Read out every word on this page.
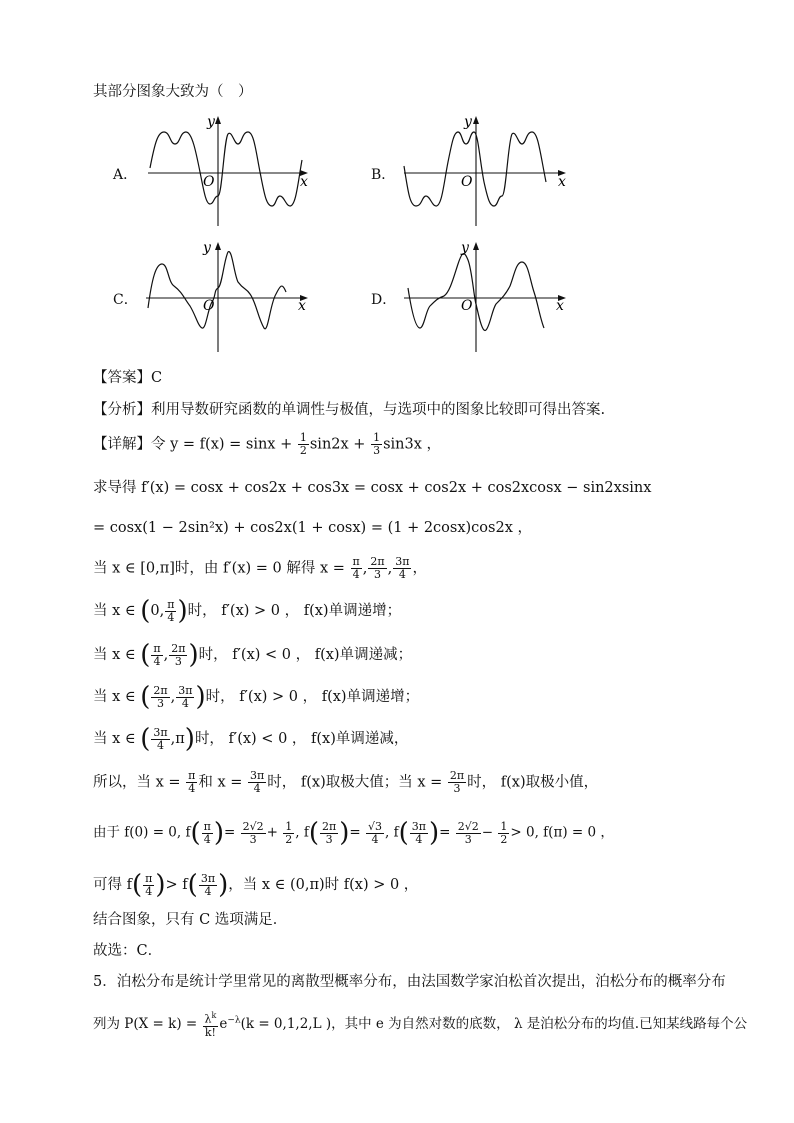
其部分图象大致为（　）
A．
y
x
O	B．
y
x
O
C．
y
x
O	D．
y
x
O
【答案】C
【分析】利用导数研究函数的单调性与极值，与选项中的图象比较即可得出答案.
【详解】令 $y = f(x) = \sin x + \frac{1}{2} \sin 2x + \frac{1}{3} \sin 3x$ ，
求导得 f′(x) = cosx + cos2x + cos3x = cosx + cos2x + cos2xcosx − sin2xsinx
= cosx(1 − 2sin²x) + cos2x(1 + cosx) = (1 + 2cosx)cos2x ，
当 x ∈ [0,π]时，由 f′(x) = 0 解得 $x = \frac{\pi}{4}$ , $\frac{2\pi}{3}$ , $\frac{3\pi}{4}$ ，
当 x ∈ (0, $\frac{\pi}{4}$ )时， f′(x) > 0 ， f(x)单调递增；
当 x ∈ ( $\frac{\pi}{4}$ , $\frac{2\pi}{3}$ )时， f′(x) < 0 ， f(x)单调递减；
当 x ∈ ( $\frac{2\pi}{3}$ , $\frac{3\pi}{4}$ )时， f′(x) > 0 ， f(x)单调递增；
当 x ∈ ( $\frac{3\pi}{4} ,\pi$)时， f′(x) < 0 ， f(x)单调递减，
所以，当 $x = \frac{\pi}{4}$ 和 $x = \frac{3\pi}{4}$ 时， f(x)取极大值；当 $x = \frac{2\pi}{3}$ 时， f(x)取极小值，
由于 f(0) = 0, $f( \frac{\pi}{4}$ )= $\frac{2√2}{3} + \frac{1}{2}$ , $f( \frac{2\pi}{3}$ )= $\frac{√3}{4}$ , $f( \frac{3\pi}{4}$ )= $\frac{2√2}{3} - \frac{1}{2} > 0$, f(π) = 0 ，
可得 $f( \frac{\pi}{4}$ )> $f( \frac{3\pi}{4}$ )，当 x ∈ (0,π)时 f(x) > 0 ，
结合图象，只有 C 选项满足．
故选：C．
5．泊松分布是统计学里常见的离散型概率分布，由法国数学家泊松首次提出，泊松分布的概率分布
列为 $P(X = k) = \frac{\lambda^k}{k!} e^{-\lambda}(k = 0,1,2,L$ )，其中 e 为自然对数的底数， λ 是泊松分布的均值.已知某线路每个公
